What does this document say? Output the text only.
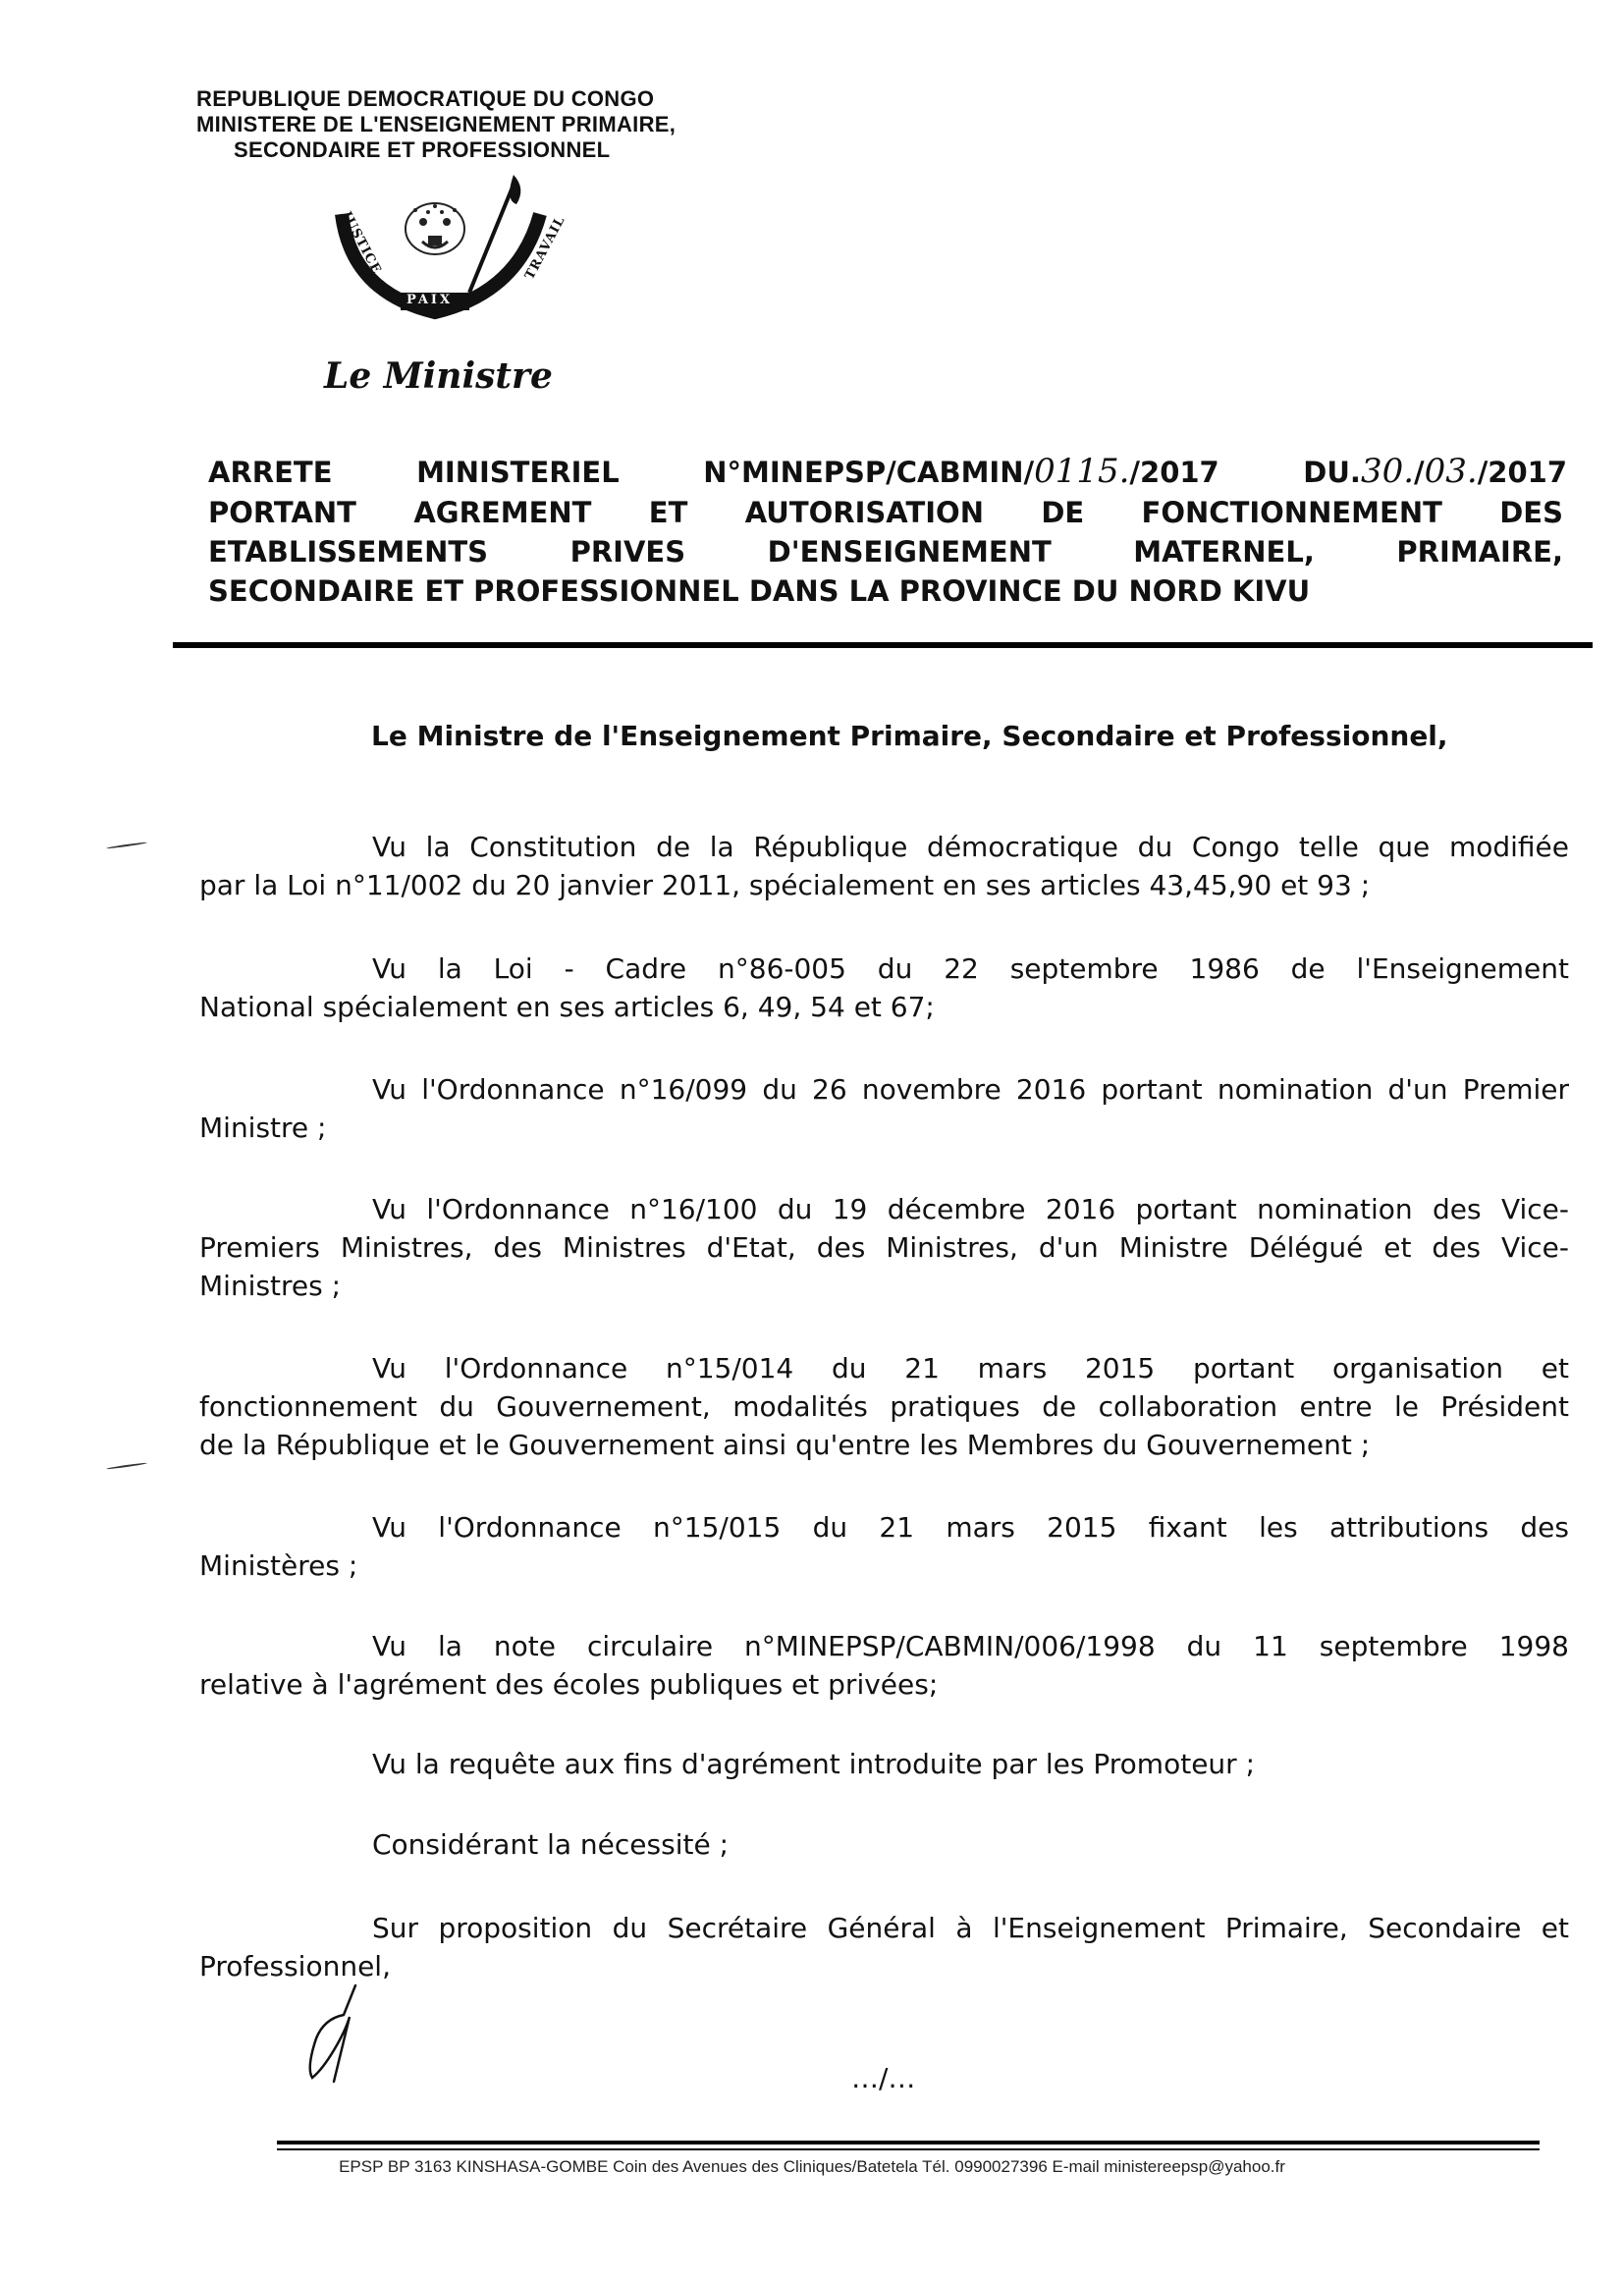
REPUBLIQUE DEMOCRATIQUE DU CONGO
MINISTERE DE L'ENSEIGNEMENT PRIMAIRE,
SECONDAIRE ET PROFESSIONNEL
JUSTICE
PAIX
TRAVAIL
Le Ministre
ARRETE	MINISTERIEL	N°MINEPSP/CABMIN/0115./2017	DU.30./03./2017
PORTANT AGREMENT ET AUTORISATION DE FONCTIONNEMENT DES
ETABLISSEMENTS PRIVES D'ENSEIGNEMENT MATERNEL, PRIMAIRE,
SECONDAIRE ET PROFESSIONNEL DANS LA PROVINCE DU NORD KIVU
Le Ministre de l'Enseignement Primaire, Secondaire et Professionnel,
Vu la Constitution de la République démocratique du Congo telle que modifiée
par la Loi n°11/002 du 20 janvier 2011, spécialement en ses articles 43,45,90 et 93 ;
Vu la Loi - Cadre n°86-005 du 22 septembre 1986 de l'Enseignement
National spécialement en ses articles 6, 49, 54 et 67;
Vu l'Ordonnance n°16/099 du 26 novembre 2016 portant nomination d'un Premier
Ministre ;
Vu l'Ordonnance n°16/100 du 19 décembre 2016 portant nomination des Vice-
Premiers Ministres, des Ministres d'Etat, des Ministres, d'un Ministre Délégué et des Vice-
Ministres ;
Vu l'Ordonnance n°15/014 du 21 mars 2015 portant organisation et
fonctionnement du Gouvernement, modalités pratiques de collaboration entre le Président
de la République et le Gouvernement ainsi qu'entre les Membres du Gouvernement ;
Vu l'Ordonnance n°15/015 du 21 mars 2015 fixant les attributions des
Ministères ;
Vu la note circulaire n°MINEPSP/CABMIN/006/1998 du 11 septembre 1998
relative à l'agrément des écoles publiques et privées;
Vu la requête aux fins d'agrément introduite par les Promoteur ;
Considérant la nécessité ;
Sur proposition du Secrétaire Général à l'Enseignement Primaire, Secondaire et
Professionnel,
…/…
EPSP BP 3163 KINSHASA-GOMBE Coin des Avenues des Cliniques/Batetela Tél. 0990027396 E-mail ministereepsp@yahoo.fr
